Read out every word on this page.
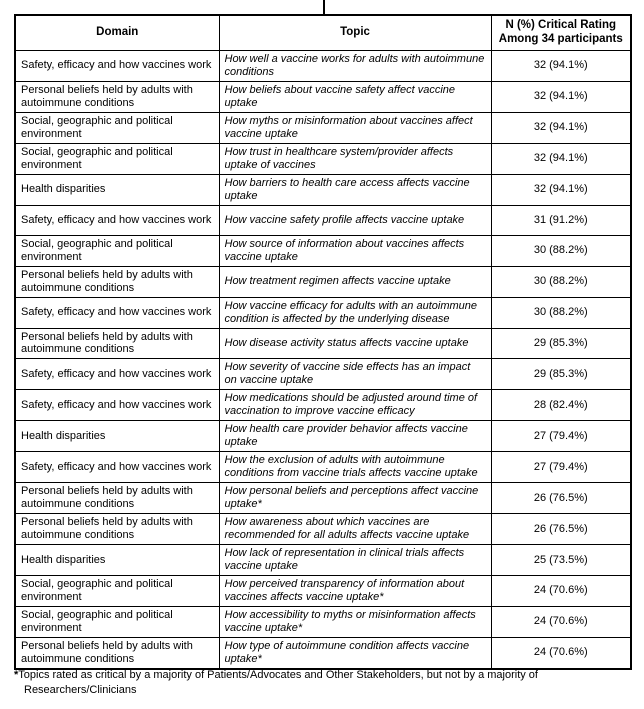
Domain	Topic	N (%) Critical Rating Among 34 participants
Safety, efficacy and how vaccines work	How well a vaccine works for adults with autoimmune conditions	32 (94.1%)
Personal beliefs held by adults with autoimmune conditions	How beliefs about vaccine safety affect vaccine uptake	32 (94.1%)
Social, geographic and political environment	How myths or misinformation about vaccines affect vaccine uptake	32 (94.1%)
Social, geographic and political environment	How trust in healthcare system/provider affects uptake of vaccines	32 (94.1%)
Health disparities	How barriers to health care access affects vaccine uptake	32 (94.1%)
Safety, efficacy and how vaccines work	How vaccine safety profile affects vaccine uptake	31 (91.2%)
Social, geographic and political environment	How source of information about vaccines affects vaccine uptake	30 (88.2%)
Personal beliefs held by adults with autoimmune conditions	How treatment regimen affects vaccine uptake	30 (88.2%)
Safety, efficacy and how vaccines work	How vaccine efficacy for adults with an autoimmune condition is affected by the underlying disease	30 (88.2%)
Personal beliefs held by adults with autoimmune conditions	How disease activity status affects vaccine uptake	29 (85.3%)
Safety, efficacy and how vaccines work	How severity of vaccine side effects has an impact on vaccine uptake	29 (85.3%)
Safety, efficacy and how vaccines work	How medications should be adjusted around time of vaccination to improve vaccine efficacy	28 (82.4%)
Health disparities	How health care provider behavior affects vaccine uptake	27 (79.4%)
Safety, efficacy and how vaccines work	How the exclusion of adults with autoimmune conditions from vaccine trials affects vaccine uptake	27 (79.4%)
Personal beliefs held by adults with autoimmune conditions	How personal beliefs and perceptions affect vaccine uptake*	26 (76.5%)
Personal beliefs held by adults with autoimmune conditions	How awareness about which vaccines are recommended for all adults affects vaccine uptake	26 (76.5%)
Health disparities	How lack of representation in clinical trials affects vaccine uptake	25 (73.5%)
Social, geographic and political environment	How perceived transparency of information about vaccines affects vaccine uptake*	24 (70.6%)
Social, geographic and political environment	How accessibility to myths or misinformation affects vaccine uptake*	24 (70.6%)
Personal beliefs held by adults with autoimmune conditions	How type of autoimmune condition affects vaccine uptake*	24 (70.6%)
*Topics rated as critical by a majority of Patients/Advocates and Other Stakeholders, but not by a majority of Researchers/Clinicians
